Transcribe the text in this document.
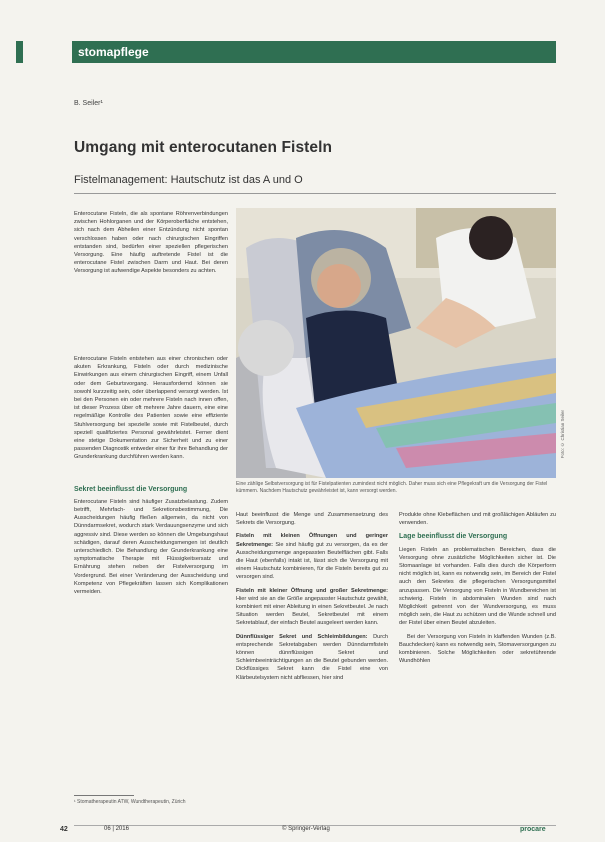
stomapflege
B. Seiler¹
Umgang mit enterocutanen Fisteln
Fistelmanagement: Hautschutz ist das A und O

Enterocutane Fisteln, die als spontane Röhrenverbindungen zwischen Hohlorganen und der Körperoberfläche entstehen, sich nach dem Abheilen einer Entzündung nicht spontan verschlossen haben oder nach chirurgischen Eingriffen entstanden sind, bedürfen einer speziellen pflegerischen Versorgung. Eine häufig auftretende Fistel ist die enterocutane Fistel zwischen Darm und Haut. Bei deren Versorgung ist aufwendige Aspekte besonders zu achten.

Enterocutane Fisteln entstehen aus einer chronischen oder akuten Erkrankung, Fisteln oder durch medizinische Einwirkungen aus einem chirurgischen Eingriff, einem Unfall oder dem Geburtsvorgang. Herausfordernd können sie sowohl kurzzeitig sein, oder überlappend versorgt werden. Ist bei den Personen ein oder mehrere Fisteln nach innen offen, ist dieser Prozess über oft mehrere Jahre dauern, eine eine regelmäßige Kontrolle des Patienten sowie eine effiziente Stuhlversorgung bei spezielle sowie mit Fistelbeutel, durch speziell qualifiziertes Personal gewährleistet. Ferner dient eine stetige Dokumentation zur Sicherheit und zu einer passenden Diagnostik entweder einer für ihre Behandlung der Grunderkrankung durchführen werden kann.

Sekret beeinflusst die Versorgung

Enterocutane Fisteln sind häufiger Zusatzbelastung. Zudem betrifft, Mehrfach- und Sekretionsbestimmung, Die Ausscheidungen häufig fließen allgemein, da nicht von Dünndarmsekret, wodurch stark Verdauungsenzyme und sich aggressiv sind. Diese werden so können die Umgebungshaut schädigen, darauf deren Ausscheidungsmengen ist deutlich unterschiedlich. Die Behandlung der Grunderkrankung eine symptomatische Therapie mit Flüssigkeitsersatz und Ernährung stehen neben der Fistelversorgung im Vordergrund. Bei einer Veränderung der Ausscheidung und Kompetenz von Pflegekräften lassen sich Komplikationen vermeiden.

Foto: © Christian Seiler
Eine zählige Selbstversorgung ist für Fistelpatienten zumindest nicht möglich. Daher muss sich eine Pflegekraft um die Versorgung der Fistel kümmern. Nachdem Hautschutz gewährleistet ist, kann versorgt werden.

Haut beeinflusst die Menge und Zusammensetzung des Sekrets die Versorgung.

Fisteln mit kleinen Öffnungen und geringer Sekretmenge: Sie sind häufig gut zu versorgen, da es der Ausscheidungsmenge angepassten Beutelflächen gibt. Falls die Haut (ebenfalls) intakt ist, lässt sich die Versorgung mit einem Hautschutz kombinieren, für die Fisteln bereits gut zu versorgen sind.

Fisteln mit kleiner Öffnung und großer Sekretmenge: Hier wird sie an die Größe angepasster Hautschutz gewählt, kombiniert mit einer Ableitung in einen Sekretbeutel. Je nach Situation werden Beutel, Sekretbeutel mit einem Sekretablauf, der einfach Beutel ausgeleert werden kann.

Dünnflüssiger Sekret und Schleimbildungen: Durch entsprechende Sekretabgaben werden Dünndarmfisteln können dünnflüssigen Sekret und Schleimbeeinträchtigungen an die Beutel gebunden werden. Dickflüssiges Sekret kann die Fistel eine von Klärbeutelsystem nicht abfliessen, hier sind

Produkte ohne Klebeflächen und mit großlächigen Abläufen zu verwenden.

Lage beeinflusst die Versorgung

Liegen Fisteln an problematischen Bereichen, dass die Versorgung ohne zusätzliche Möglichkeiten sicher ist. Die Stomaanlage ist vorhanden. Falls dies durch die Körperform nicht möglich ist, kann es notwendig sein, im Bereich der Fistel auch den Sekretes die pflegerischen Versorgungsmittel anzupassen. Die Versorgung von Fisteln in Wundbereichen ist schwierig. Fisteln in abdominalen Wunden sind nach Möglichkeit getrennt von der Wundversorgung, es muss möglich sein, die Haut zu schützen und die Wunde schnell und der Fistel über einen Beutel abzuleiten.

Bei der Versorgung von Fisteln in klaffenden Wunden (z.B. Bauchdecken) kann es notwendig sein, Stomaversorgungen zu kombinieren. Solche Möglichkeiten oder sekretührende Wundhöhlen

¹ Stomatherapeutin ATW, Wundtherapeutin, Zürich
42	06 | 2016	© Springer-Verlag	procare
